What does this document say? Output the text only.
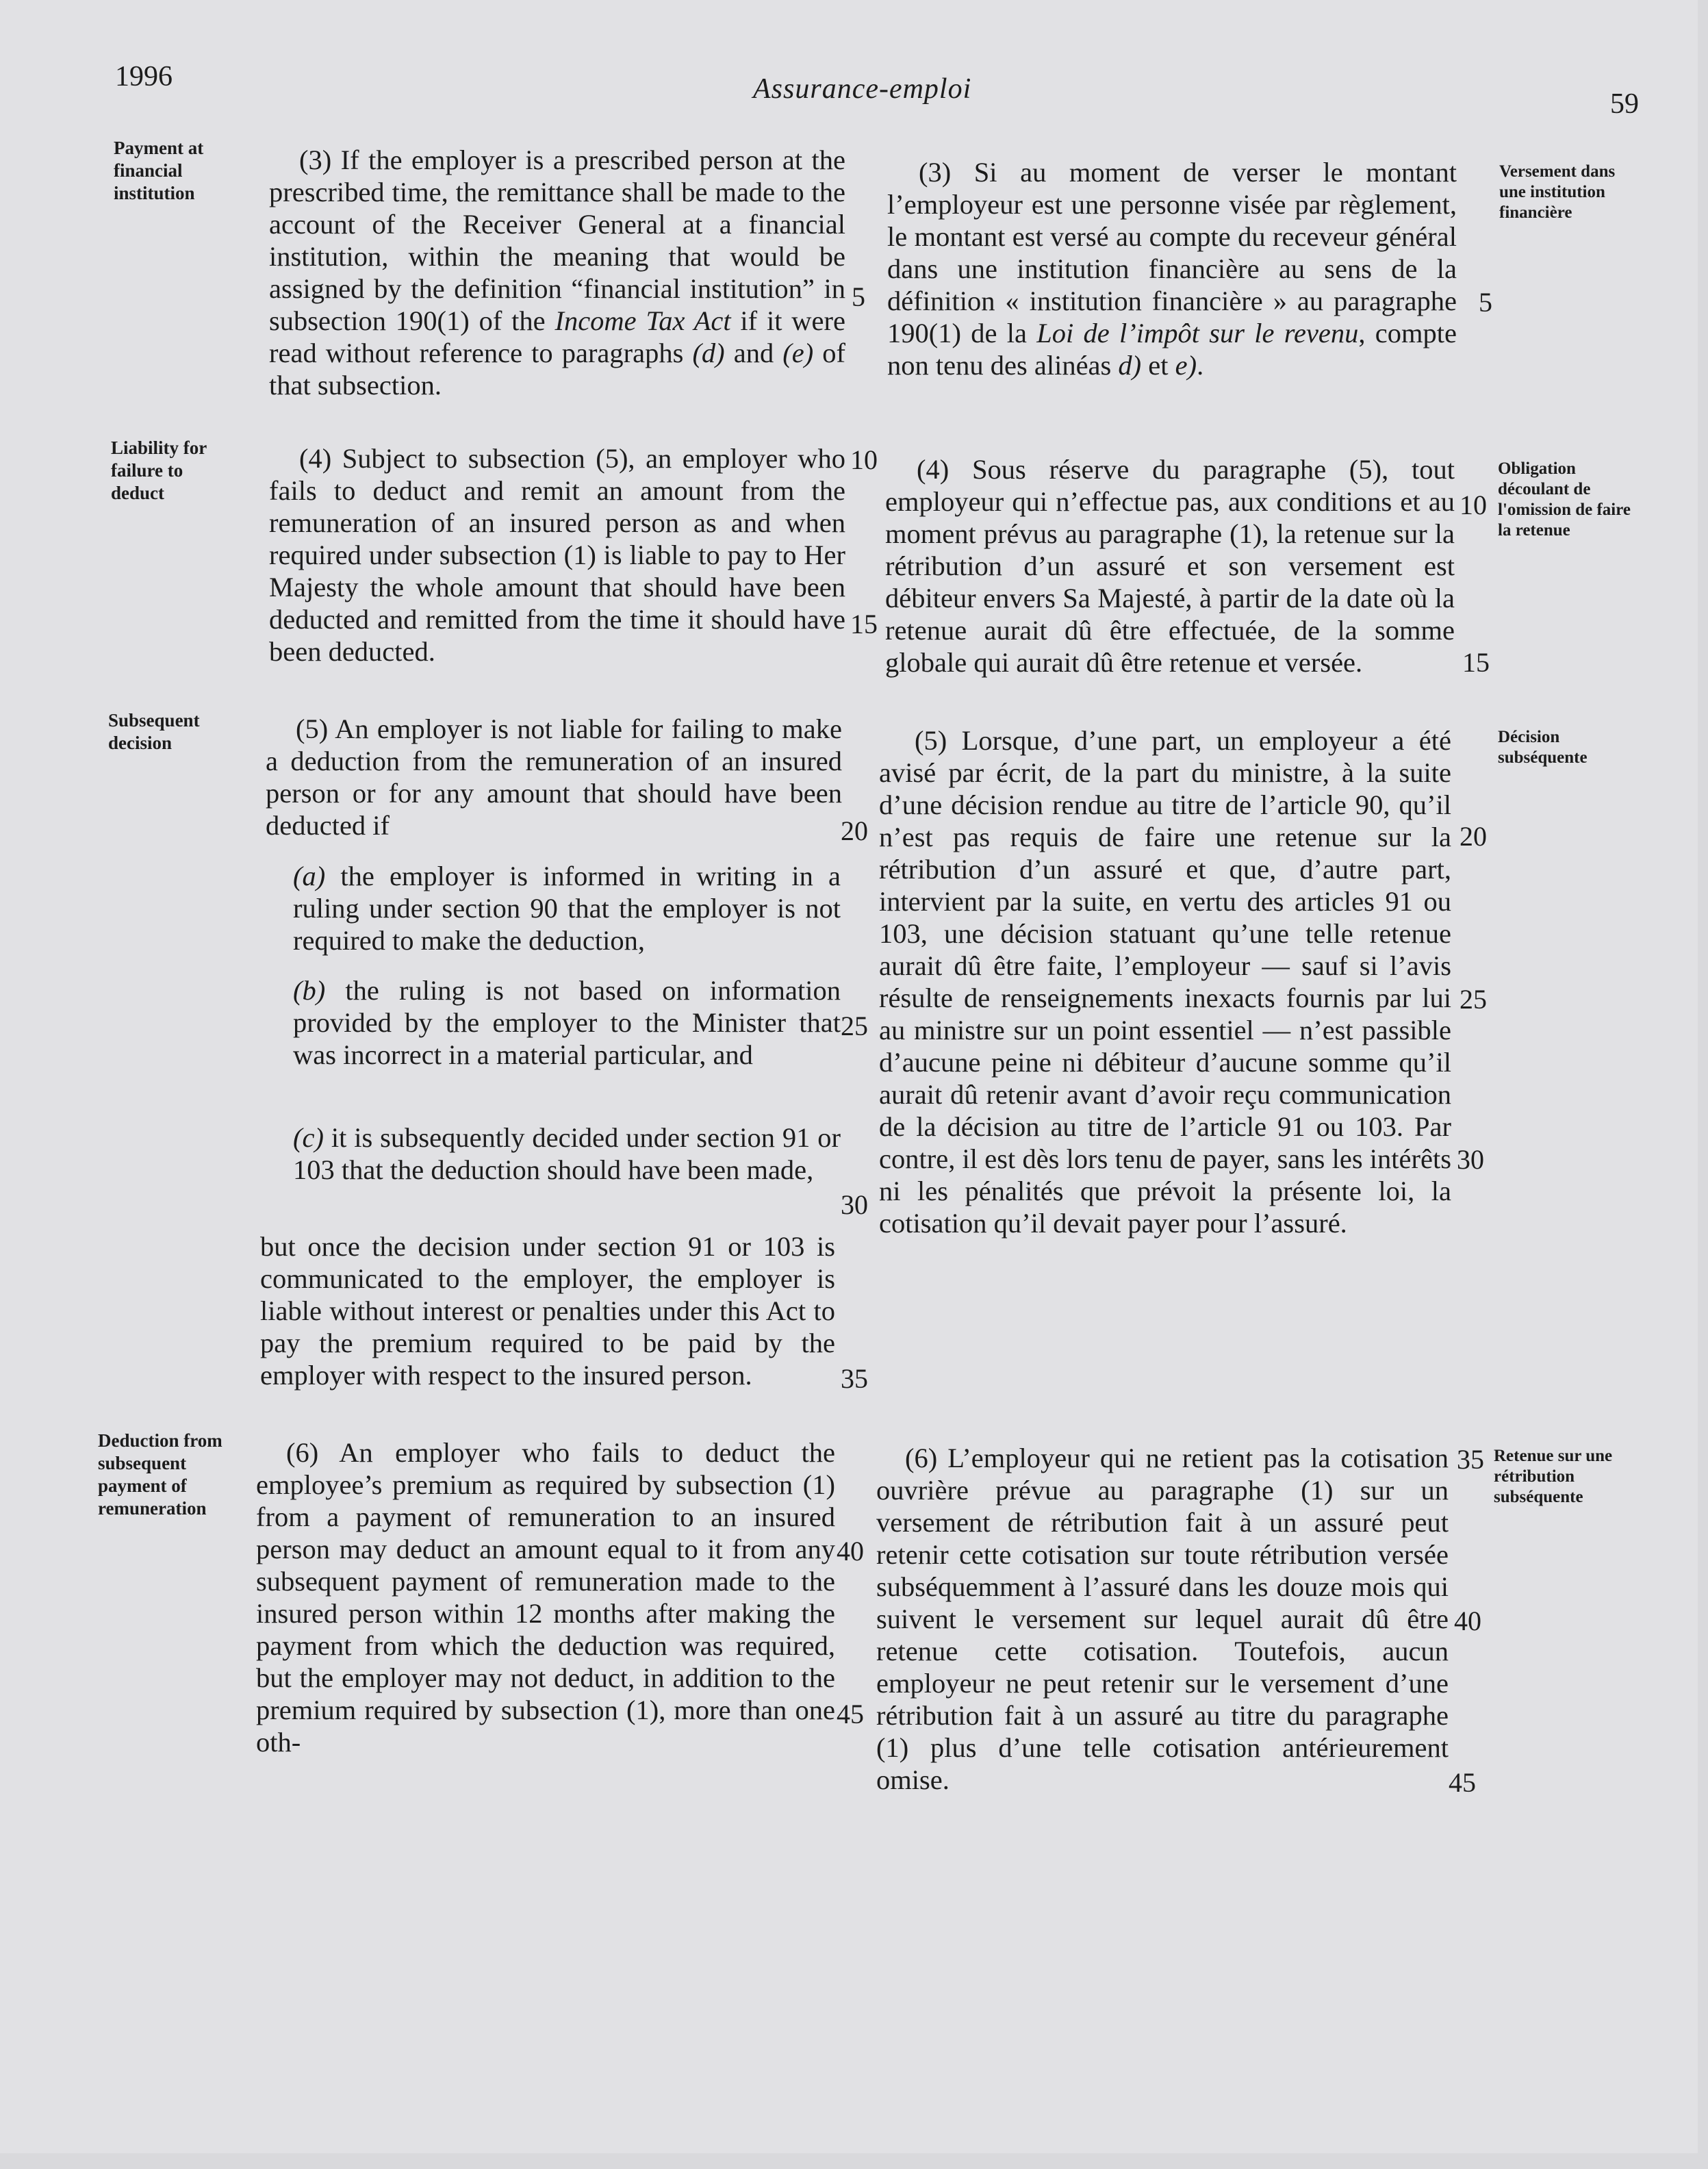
1996	Assurance-emploi	59
Payment at financial institution
Liability for failure to deduct
Subsequent decision
Deduction from subsequent payment of remuneration
Versement dans une institution financière
Obligation découlant de l'omission de faire la retenue
Décision subséquente
Retenue sur une rétribution subséquente

(3) If the employer is a prescribed person at the prescribed time, the remittance shall be made to the account of the Receiver General at a financial institution, within the meaning that would be assigned by the definition “financial institution” in subsection 190(1) of the Income Tax Act if it were read without reference to paragraphs (d) and (e) of that subsection.

(4) Subject to subsection (5), an employer who fails to deduct and remit an amount from the remuneration of an insured person as and when required under subsection (1) is liable to pay to Her Majesty the whole amount that should have been deducted and remitted from the time it should have been deducted.

(5) An employer is not liable for failing to make a deduction from the remuneration of an insured person or for any amount that should have been deducted if

(a) the employer is informed in writing in a ruling under section 90 that the employer is not required to make the deduction,

(b) the ruling is not based on information provided by the employer to the Minister that was incorrect in a material particular, and

(c) it is subsequently decided under section 91 or 103 that the deduction should have been made,

but once the decision under section 91 or 103 is communicated to the employer, the employer is liable without interest or penalties under this Act to pay the premium required to be paid by the employer with respect to the insured person.

(6) An employer who fails to deduct the employee’s premium as required by subsection (1) from a payment of remuneration to an insured person may deduct an amount equal to it from any subsequent payment of remuneration made to the insured person within 12 months after making the payment from which the deduction was required, but the employer may not deduct, in addition to the premium required by subsection (1), more than one oth-

5
10
15
20
25
30
35
40
45

(3) Si au moment de verser le montant l’employeur est une personne visée par règlement, le montant est versé au compte du receveur général dans une institution financière au sens de la définition « institution financière » au paragraphe 190(1) de la Loi de l’impôt sur le revenu, compte non tenu des alinéas d) et e).

(4) Sous réserve du paragraphe (5), tout employeur qui n’effectue pas, aux conditions et au moment prévus au paragraphe (1), la retenue sur la rétribution d’un assuré et son versement est débiteur envers Sa Majesté, à partir de la date où la retenue aurait dû être effectuée, de la somme globale qui aurait dû être retenue et versée.

(5) Lorsque, d’une part, un employeur a été avisé par écrit, de la part du ministre, à la suite d’une décision rendue au titre de l’article 90, qu’il n’est pas requis de faire une retenue sur la rétribution d’un assuré et que, d’autre part, intervient par la suite, en vertu des articles 91 ou 103, une décision statuant qu’une telle retenue aurait dû être faite, l’employeur — sauf si l’avis résulte de renseignements inexacts fournis par lui au ministre sur un point essentiel — n’est passible d’aucune peine ni débiteur d’aucune somme qu’il aurait dû retenir avant d’avoir reçu communication de la décision au titre de l’article 91 ou 103. Par contre, il est dès lors tenu de payer, sans les intérêts ni les pénalités que prévoit la présente loi, la cotisation qu’il devait payer pour l’assuré.

(6) L’employeur qui ne retient pas la cotisation ouvrière prévue au paragraphe (1) sur un versement de rétribution fait à un assuré peut retenir cette cotisation sur toute rétribution versée subséquemment à l’assuré dans les douze mois qui suivent le versement sur lequel aurait dû être retenue cette cotisation. Toutefois, aucun employeur ne peut retenir sur le versement d’une rétribution fait à un assuré au titre du paragraphe (1) plus d’une telle cotisation antérieurement omise.

5
10
15
20
25
30
35
40
45
